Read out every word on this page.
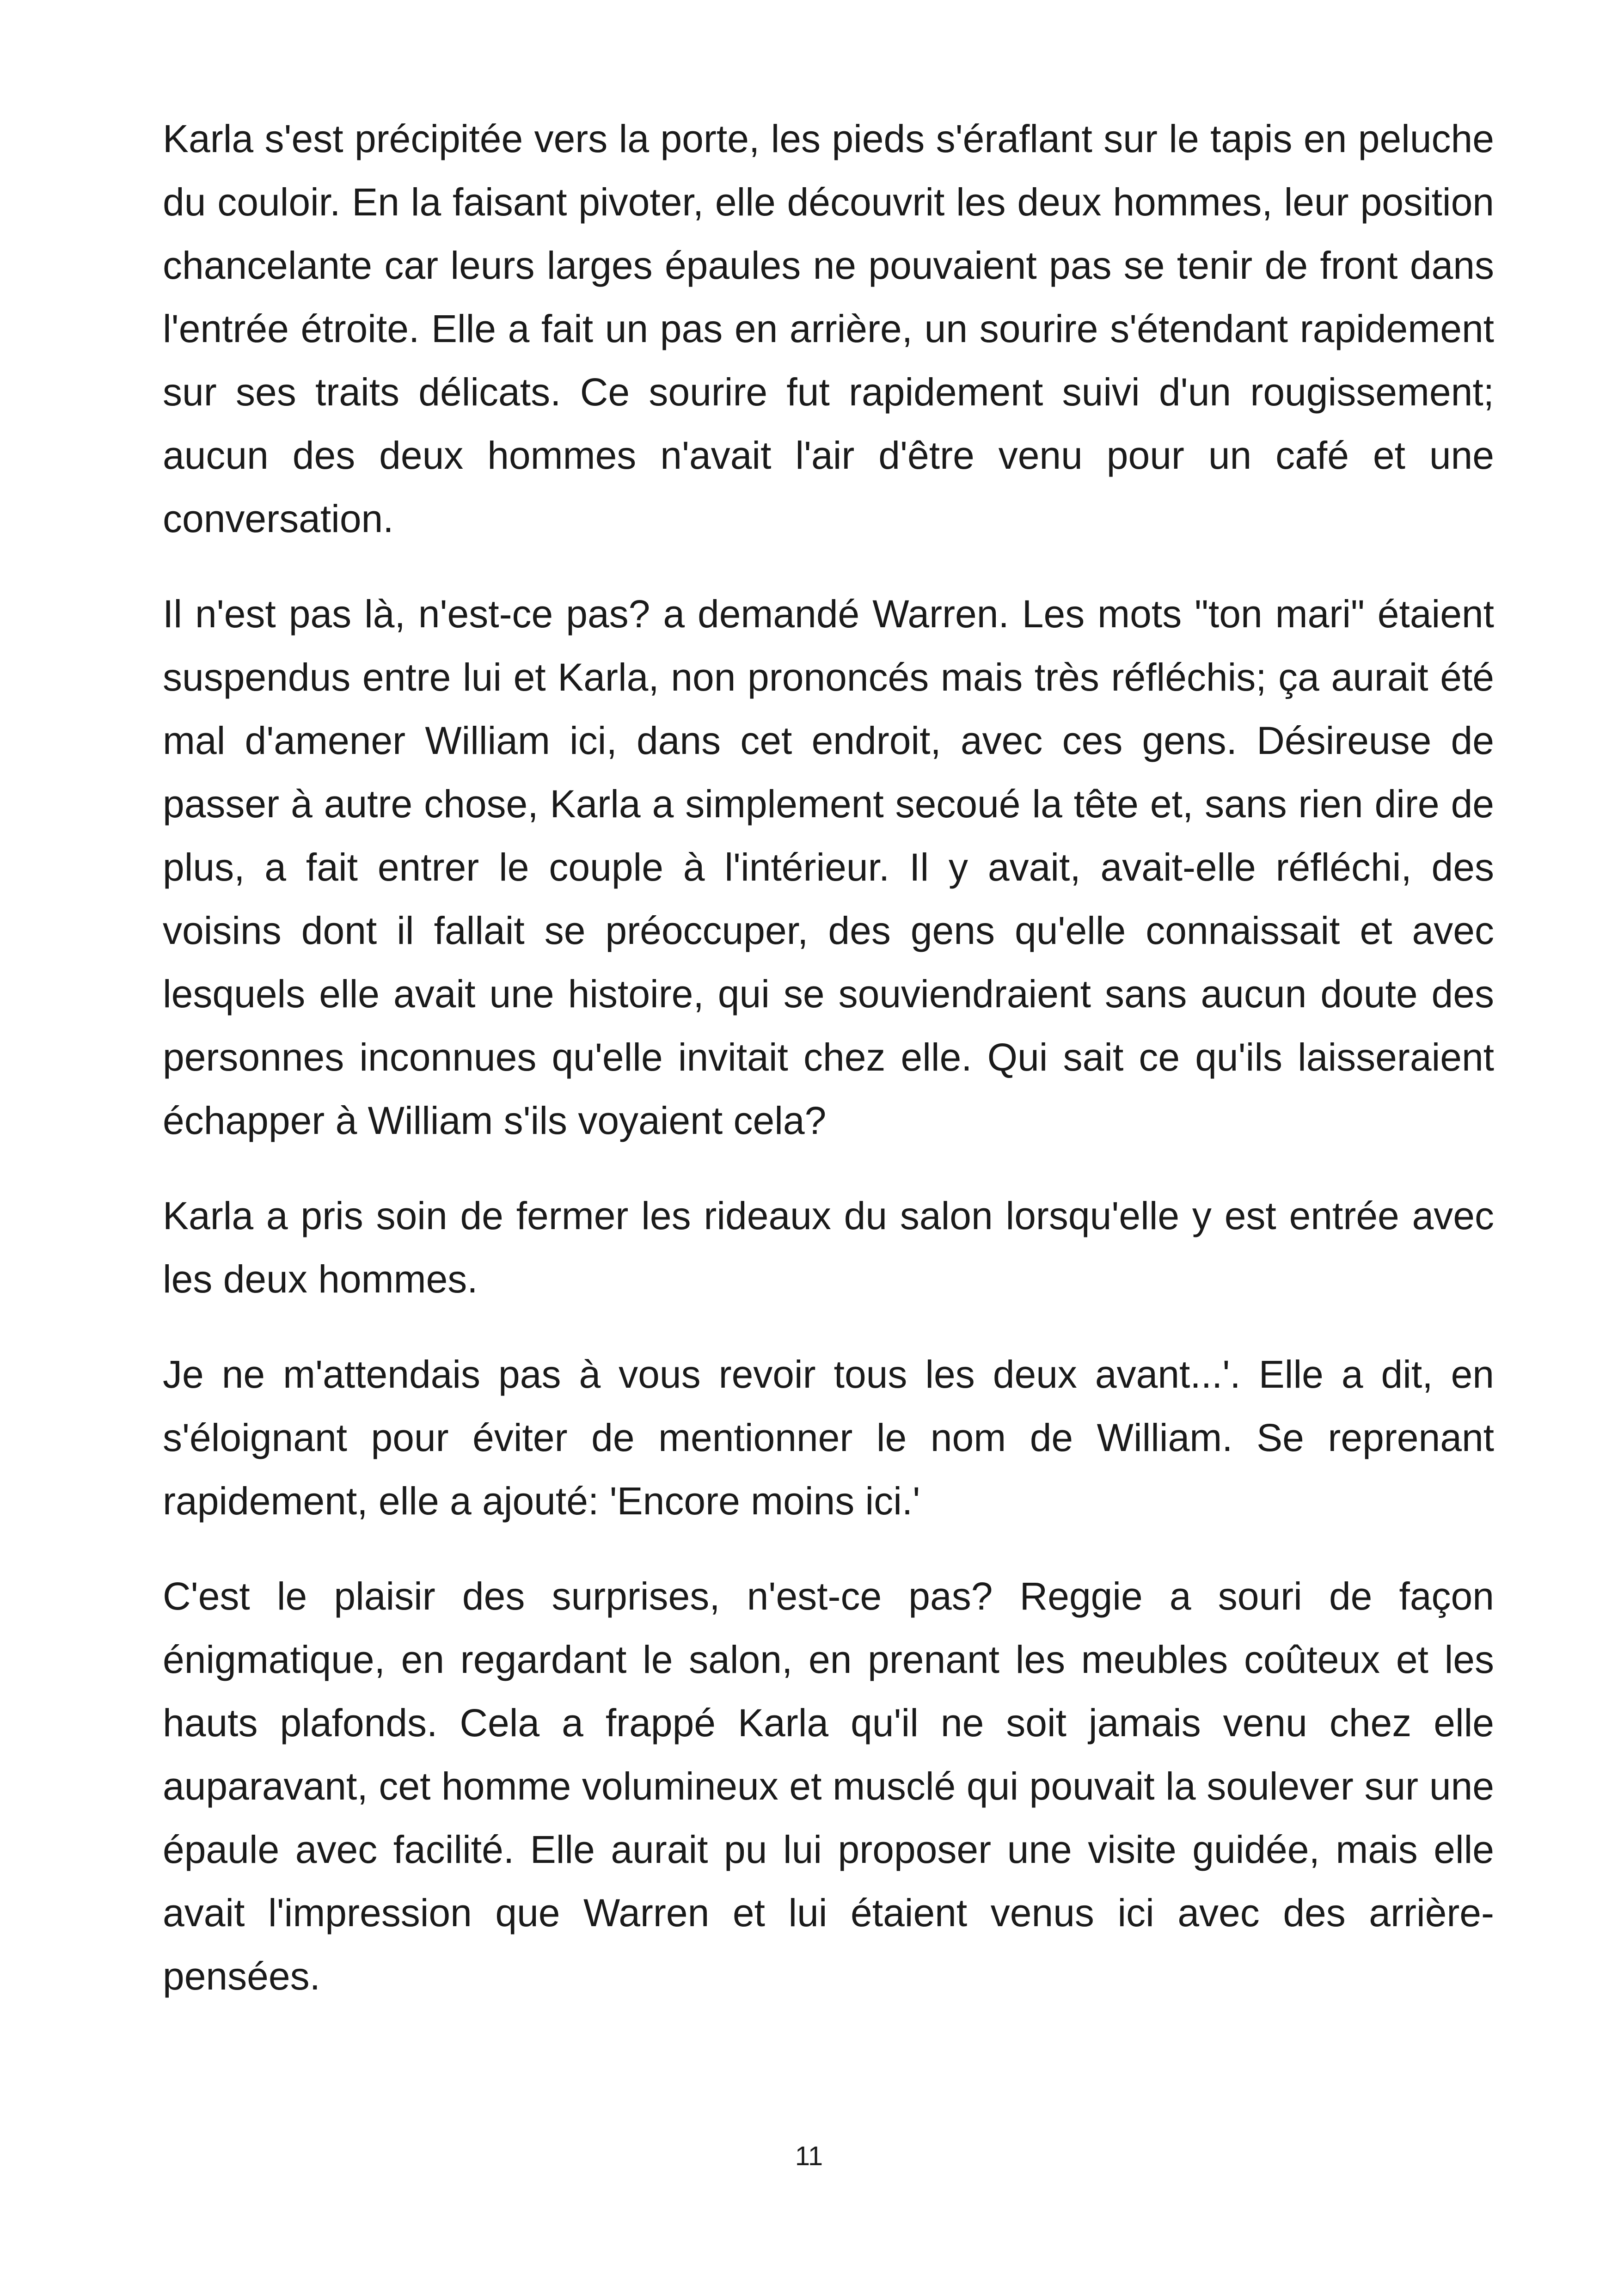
Karla s'est précipitée vers la porte, les pieds s'éraflant sur le tapis en peluche du couloir. En la faisant pivoter, elle découvrit les deux hommes, leur position chancelante car leurs larges épaules ne pouvaient pas se tenir de front dans l'entrée étroite. Elle a fait un pas en arrière, un sourire s'étendant rapidement sur ses traits délicats. Ce sourire fut rapidement suivi d'un rougissement; aucun des deux hommes n'avait l'air d'être venu pour un café et une conversation.

Il n'est pas là, n'est-ce pas? a demandé Warren. Les mots "ton mari" étaient suspendus entre lui et Karla, non prononcés mais très réfléchis; ça aurait été mal d'amener William ici, dans cet endroit, avec ces gens. Désireuse de passer à autre chose, Karla a simplement secoué la tête et, sans rien dire de plus, a fait entrer le couple à l'intérieur. Il y avait, avait-elle réfléchi, des voisins dont il fallait se préoccuper, des gens qu'elle connaissait et avec lesquels elle avait une histoire, qui se souviendraient sans aucun doute des personnes inconnues qu'elle invitait chez elle. Qui sait ce qu'ils laisseraient échapper à William s'ils voyaient cela?

Karla a pris soin de fermer les rideaux du salon lorsqu'elle y est entrée avec les deux hommes.

Je ne m'attendais pas à vous revoir tous les deux avant...'. Elle a dit, en s'éloignant pour éviter de mentionner le nom de William. Se reprenant rapidement, elle a ajouté: 'Encore moins ici.'

C'est le plaisir des surprises, n'est-ce pas? Reggie a souri de façon énigmatique, en regardant le salon, en prenant les meubles coûteux et les hauts plafonds. Cela a frappé Karla qu'il ne soit jamais venu chez elle auparavant, cet homme volumineux et musclé qui pouvait la soulever sur une épaule avec facilité. Elle aurait pu lui proposer une visite guidée, mais elle avait l'impression que Warren et lui étaient venus ici avec des arrière-pensées.

11
